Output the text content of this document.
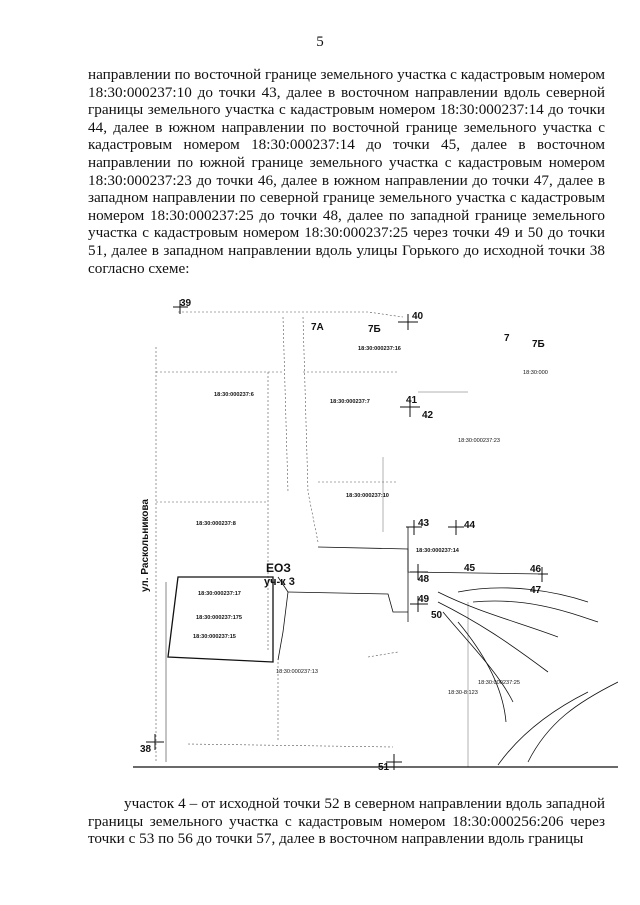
5
направлении по восточной границе земельного участка с кадастровым номером 18:30:000237:10 до точки 43, далее в восточном направлении вдоль северной границы земельного участка с кадастровым номером 18:30:000237:14 до точки 44, далее в южном направлении по восточной границе земельного участка с кадастровым номером 18:30:000237:14 до точки 45, далее в восточном направлении по южной границе земельного участка с кадастровым номером 18:30:000237:23 до точки 46, далее в южном направлении до точки 47, далее в западном направлении по северной границе земельного участка с кадастровым номером 18:30:000237:25 до точки 48, далее по западной границе земельного участка с кадастровым номером 18:30:000237:25 через точки 49 и 50 до точки 51, далее в западном направлении вдоль улицы Горького до исходной точки 38 согласно схеме:
ул. Раскольникова
7А	7Б
7
7Б
18:30:000237:16
18:30:000
18:30:000237:6
18:30:000237:7
18:30:000237:23
18:30:000237:10
18:30:000237:8
18:30:000237:14
18:30:000237:17
18:30:000237:175
18:30:000237:15
18:30:000237:13
18:30:000237:25
18:30-8:123
ЕОЗ
уч-к 3
39
40
41
42
43	44
45	46
47
48
49
50
51
38
участок 4 – от исходной точки 52 в северном направлении вдоль западной границы земельного участка с кадастровым номером 18:30:000256:206 через точки с 53 по 56 до точки 57, далее в восточном направлении вдоль границы
